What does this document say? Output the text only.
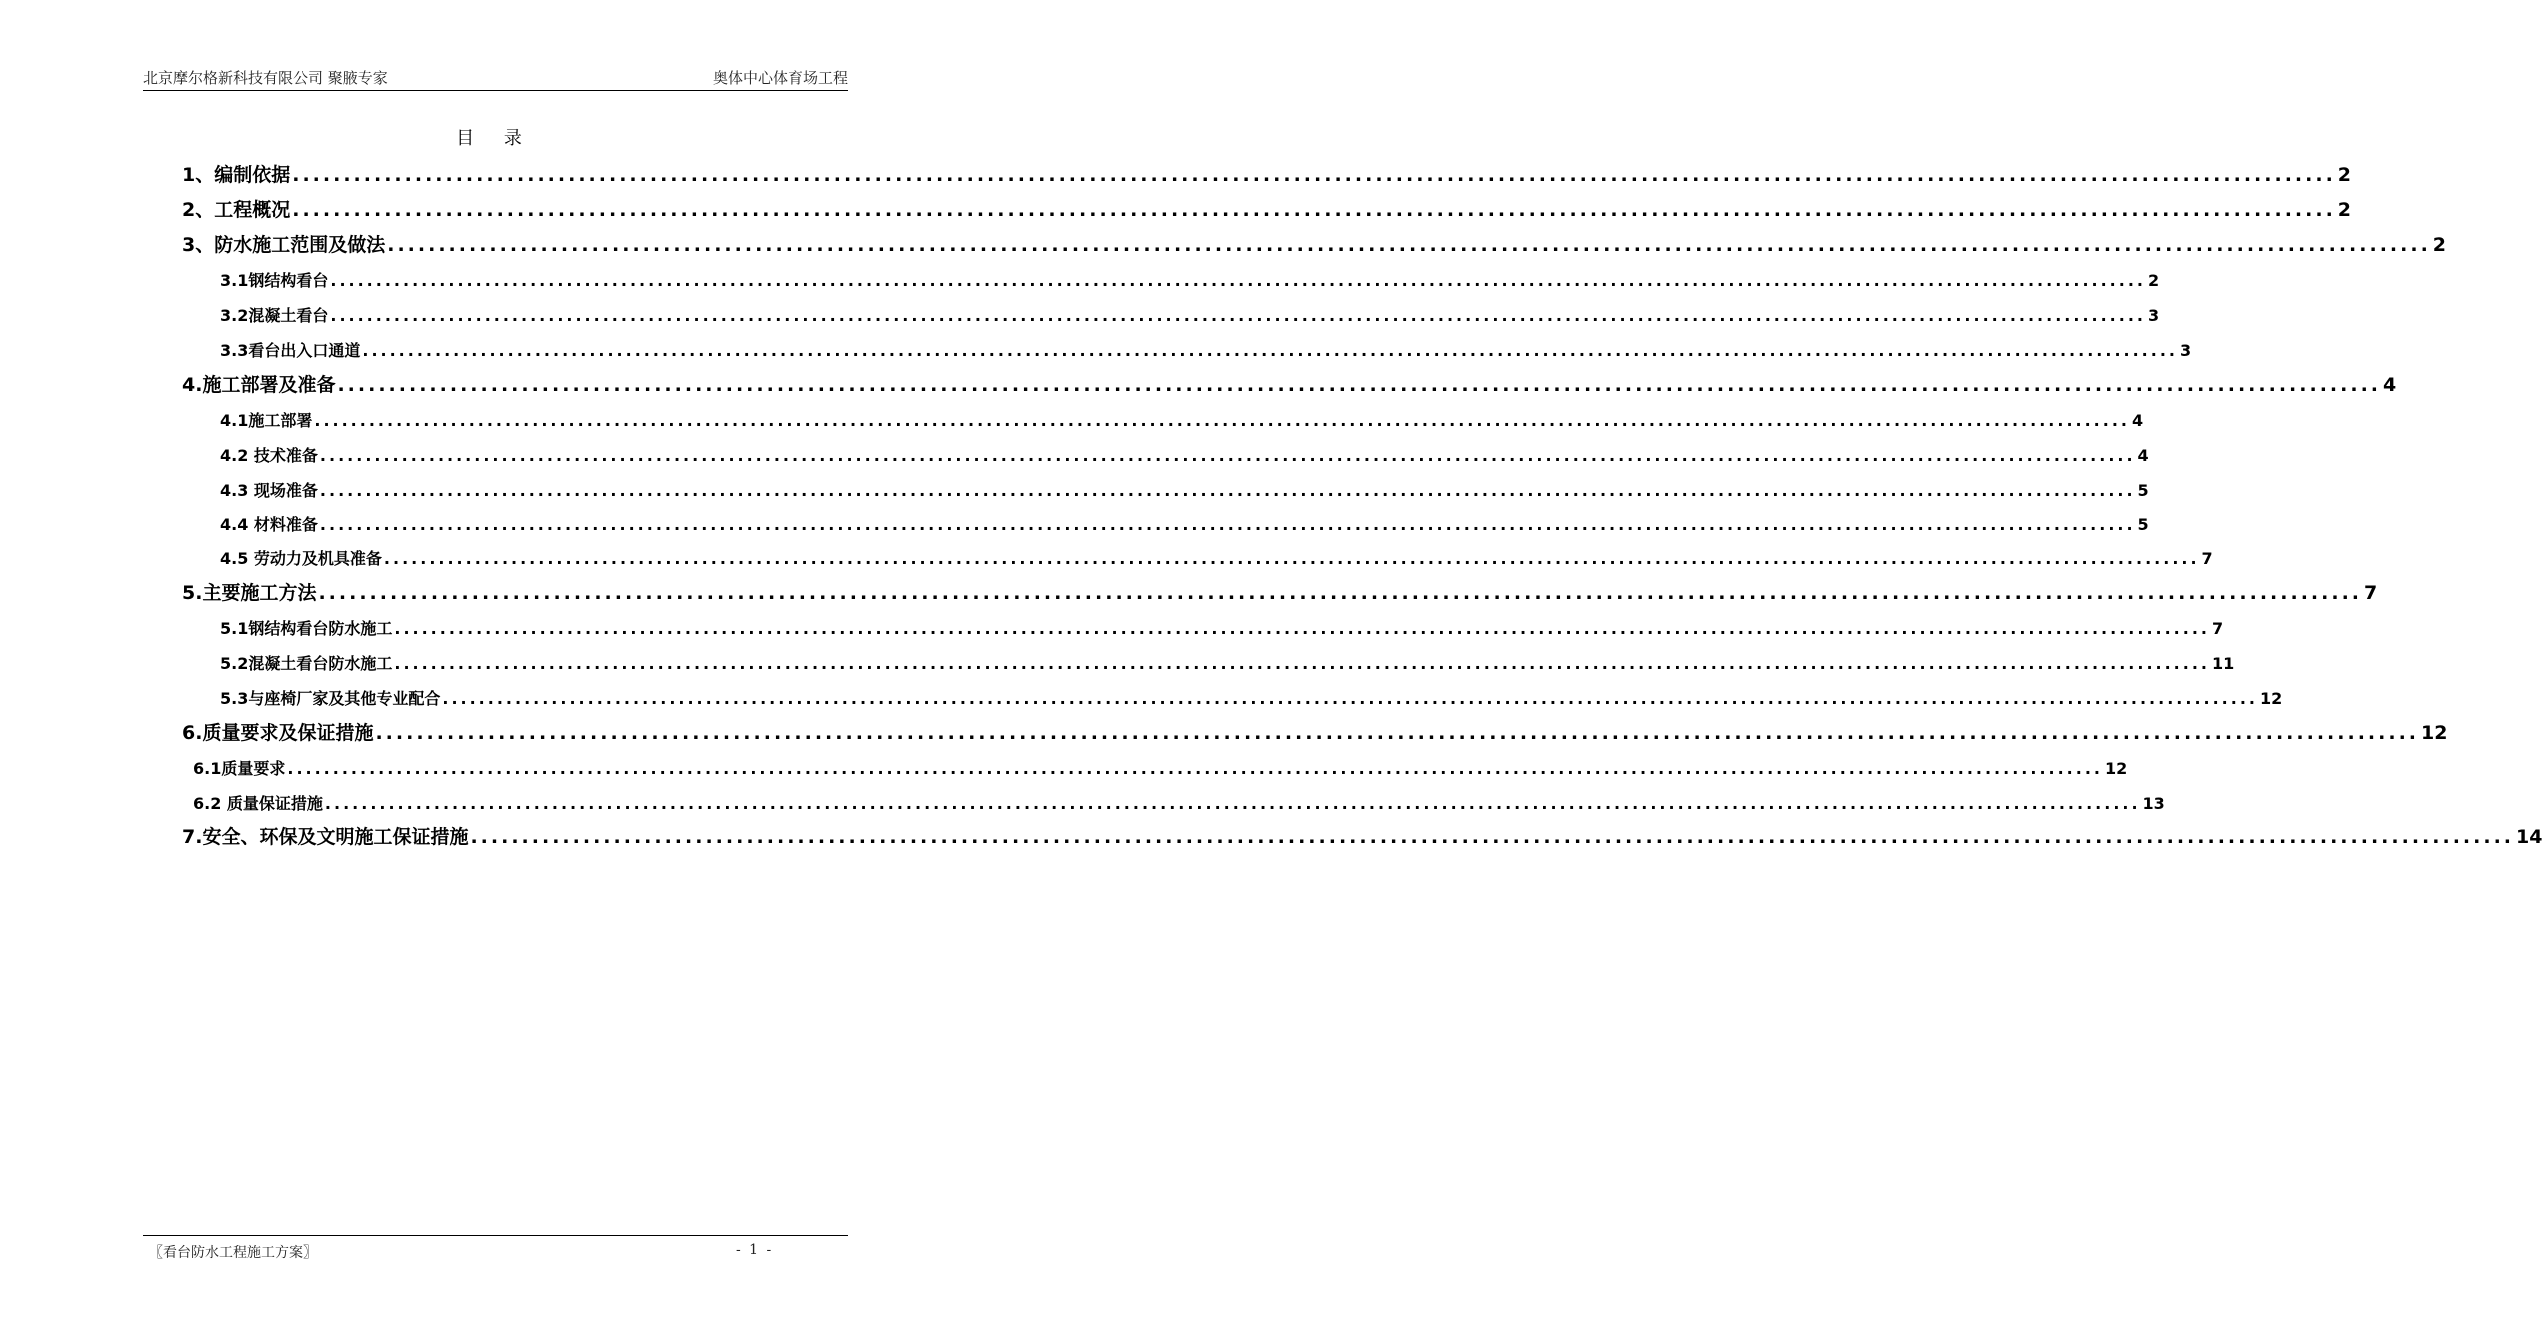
北京摩尔格新科技有限公司 聚腋专家	奥体中心体育场工程
目 录
1、编制依据 ........................................................................................................................................................................................................ 2
2、工程概况 ........................................................................................................................................................................................................ 2
3、防水施工范围及做法 ........................................................................................................................................................................................................ 2
3.1钢结构看台 ........................................................................................................................................................................................................ 2
3.2混凝土看台 ........................................................................................................................................................................................................ 3
3.3看台出入口通道 ........................................................................................................................................................................................................ 3
4.施工部署及准备 ........................................................................................................................................................................................................ 4
4.1施工部署 ........................................................................................................................................................................................................ 4
4.2 技术准备 ........................................................................................................................................................................................................ 4
4.3 现场准备 ........................................................................................................................................................................................................ 5
4.4 材料准备 ........................................................................................................................................................................................................ 5
4.5 劳动力及机具准备 ........................................................................................................................................................................................................ 7
5.主要施工方法 ........................................................................................................................................................................................................ 7
5.1钢结构看台防水施工 ........................................................................................................................................................................................................ 7
5.2混凝土看台防水施工 ........................................................................................................................................................................................................ 11
5.3与座椅厂家及其他专业配合 ........................................................................................................................................................................................................ 12
6.质量要求及保证措施 ........................................................................................................................................................................................................ 12
6.1质量要求 ........................................................................................................................................................................................................ 12
6.2 质量保证措施 ........................................................................................................................................................................................................ 13
7.安全、环保及文明施工保证措施 ........................................................................................................................................................................................................ 14
〖看台防水工程施工方案〗	- 1 -
